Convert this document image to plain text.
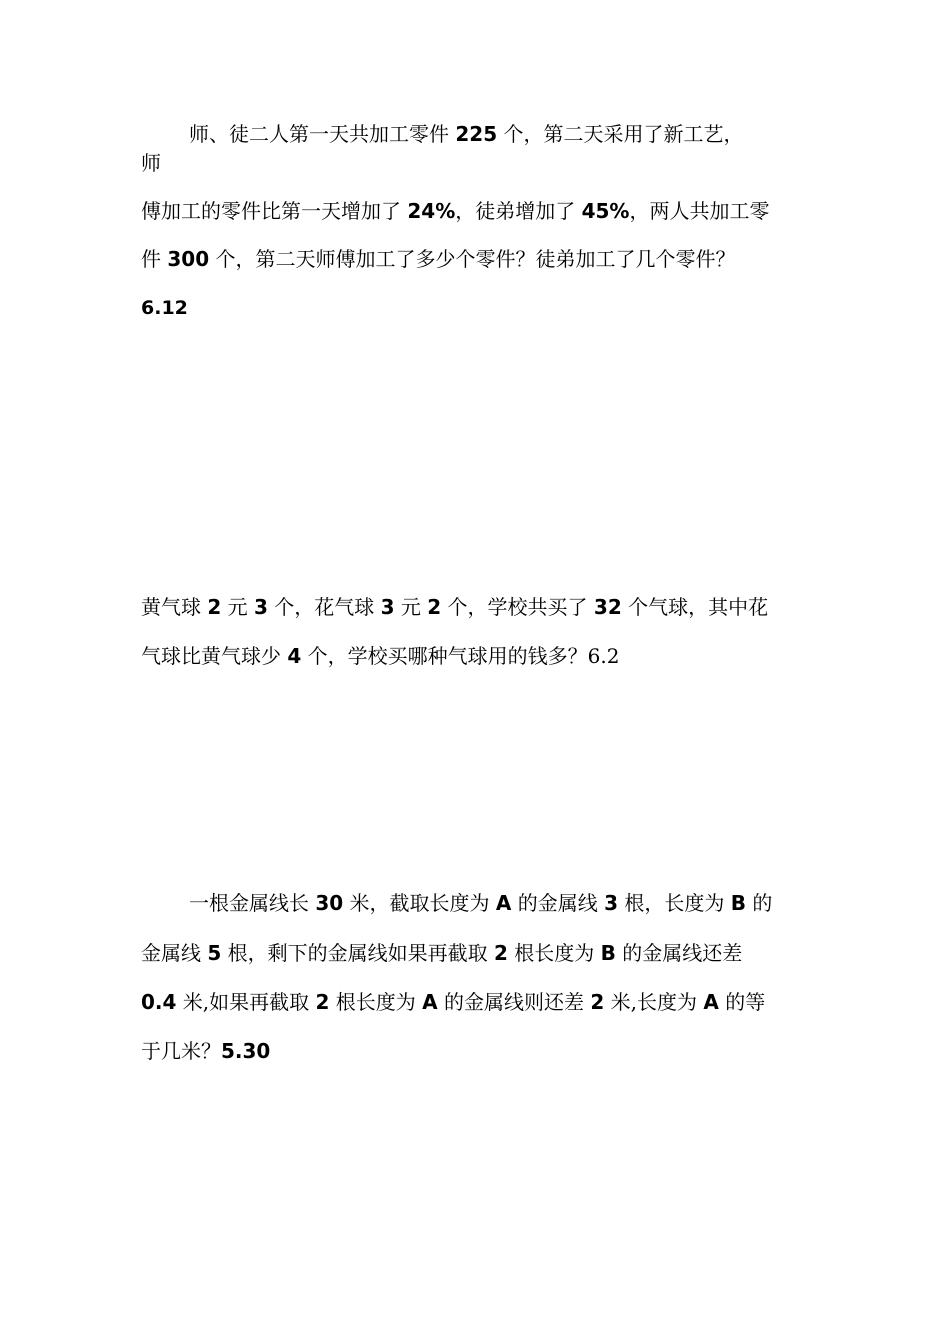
师、徒二人第一天共加工零件 225 个，第二天采用了新工艺，
师
傅加工的零件比第一天增加了 24%，徒弟增加了 45%，两人共加工零
件 300 个，第二天师傅加工了多少个零件？徒弟加工了几个零件？
6.12
黄气球 2 元 3 个，花气球 3 元 2 个，学校共买了 32 个气球，其中花
气球比黄气球少 4 个，学校买哪种气球用的钱多？6.2
一根金属线长 30 米，截取长度为 A 的金属线 3 根，长度为 B 的
金属线 5 根，剩下的金属线如果再截取 2 根长度为 B 的金属线还差
0.4 米,如果再截取 2 根长度为 A 的金属线则还差 2 米,长度为 A 的等
于几米？5.30
